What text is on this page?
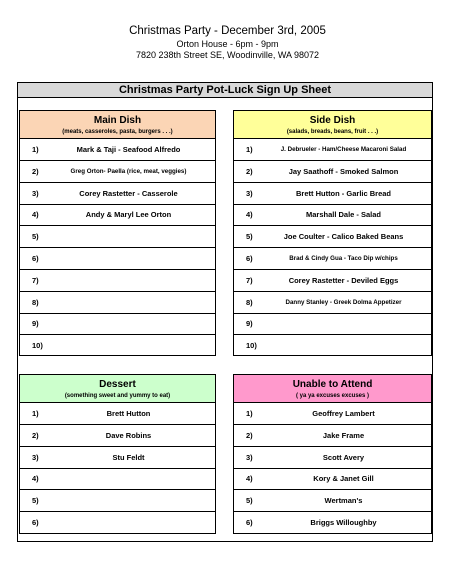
Christmas Party - December 3rd, 2005
Orton House - 6pm - 9pm
7820 238th Street SE, Woodinville, WA 98072
Christmas Party Pot-Luck Sign Up Sheet
Main Dish
(meats, casseroles, pasta, burgers . . .)
1)	Mark & Taji - Seafood Alfredo
2)	Greg Orton- Paella (rice, meat, veggies)
3)	Corey Rastetter - Casserole
4)	Andy & Maryl Lee Orton
5)
6)
7)
8)
9)
10)
Side Dish
(salads, breads, beans, fruit . . .)
1)	J. Debrueler - Ham/Cheese Macaroni Salad
2)	Jay Saathoff - Smoked Salmon
3)	Brett Hutton - Garlic Bread
4)	Marshall Dale - Salad
5)	Joe Coulter - Calico Baked Beans
6)	Brad & Cindy Gua - Taco Dip w/chips
7)	Corey Rastetter - Deviled Eggs
8)	Danny Stanley - Greek Dolma Appetizer
9)
10)
Dessert
(something sweet and yummy to eat)
1)	Brett Hutton
2)	Dave Robins
3)	Stu Feldt
4)
5)
6)
Unable to Attend
( ya ya excuses excuses )
1)	Geoffrey Lambert
2)	Jake Frame
3)	Scott Avery
4)	Kory & Janet Gill
5)	Wertman's
6)	Briggs Willoughby
